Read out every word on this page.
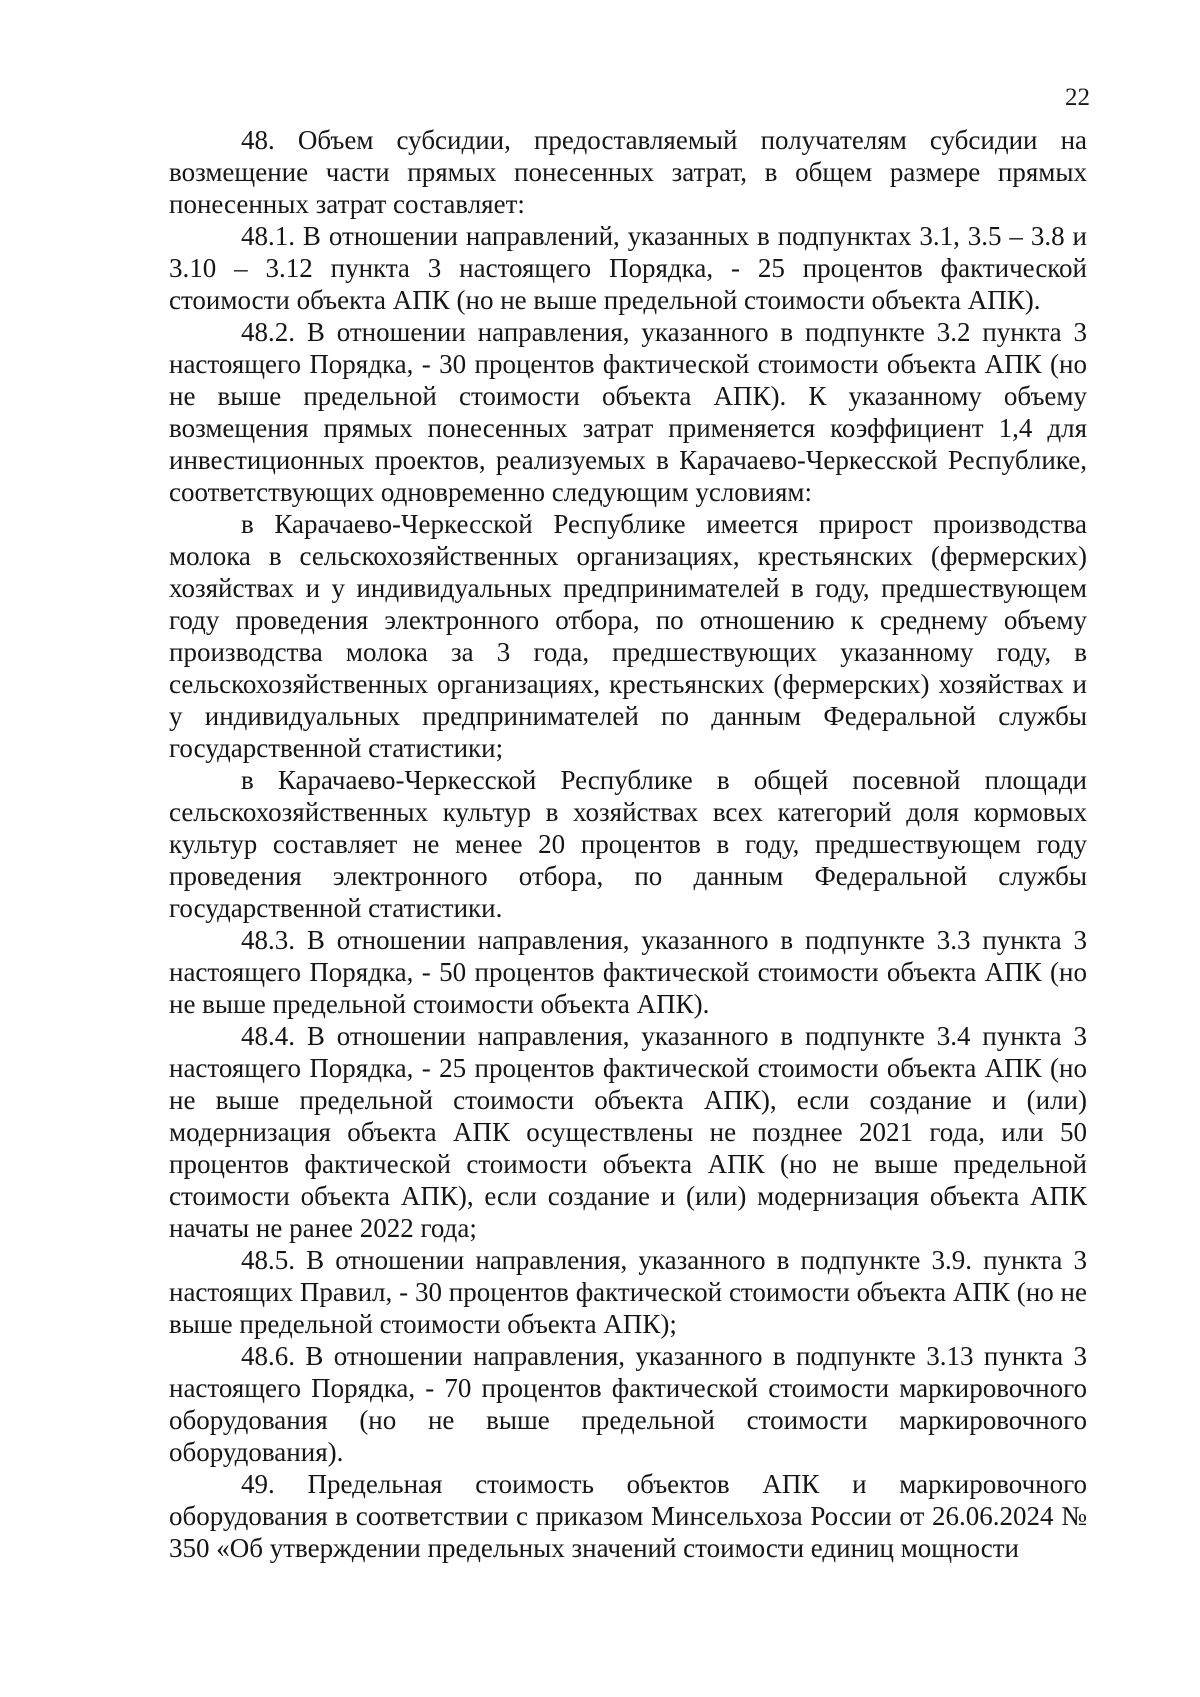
22

48. Объем субсидии, предоставляемый получателям субсидии на возмещение части прямых понесенных затрат, в общем размере прямых понесенных затрат составляет:

48.1. В отношении направлений, указанных в подпунктах 3.1, 3.5 – 3.8 и 3.10 – 3.12 пункта 3 настоящего Порядка, - 25 процентов фактической стоимости объекта АПК (но не выше предельной стоимости объекта АПК).

48.2. В отношении направления, указанного в подпункте 3.2 пункта 3 настоящего Порядка, - 30 процентов фактической стоимости объекта АПК (но не выше предельной стоимости объекта АПК). К указанному объему возмещения прямых понесенных затрат применяется коэффициент 1,4 для инвестиционных проектов, реализуемых в Карачаево-Черкесской Республике, соответствующих одновременно следующим условиям:

в Карачаево-Черкесской Республике имеется прирост производства молока в сельскохозяйственных организациях, крестьянских (фермерских) хозяйствах и у индивидуальных предпринимателей в году, предшествующем году проведения электронного отбора, по отношению к среднему объему производства молока за 3 года, предшествующих указанному году, в сельскохозяйственных организациях, крестьянских (фермерских) хозяйствах и у индивидуальных предпринимателей по данным Федеральной службы государственной статистики;

в Карачаево-Черкесской Республике в общей посевной площади сельскохозяйственных культур в хозяйствах всех категорий доля кормовых культур составляет не менее 20 процентов в году, предшествующем году проведения электронного отбора, по данным Федеральной службы государственной статистики.

48.3. В отношении направления, указанного в подпункте 3.3 пункта 3 настоящего Порядка, - 50 процентов фактической стоимости объекта АПК (но не выше предельной стоимости объекта АПК).

48.4. В отношении направления, указанного в подпункте 3.4 пункта 3 настоящего Порядка, - 25 процентов фактической стоимости объекта АПК (но не выше предельной стоимости объекта АПК), если создание и (или) модернизация объекта АПК осуществлены не позднее 2021 года, или 50 процентов фактической стоимости объекта АПК (но не выше предельной стоимости объекта АПК), если создание и (или) модернизация объекта АПК начаты не ранее 2022 года;

48.5. В отношении направления, указанного в подпункте 3.9. пункта 3 настоящих Правил, - 30 процентов фактической стоимости объекта АПК (но не выше предельной стоимости объекта АПК);

48.6. В отношении направления, указанного в подпункте 3.13 пункта 3 настоящего Порядка, - 70 процентов фактической стоимости маркировочного оборудования (но не выше предельной стоимости маркировочного оборудования).

49. Предельная стоимость объектов АПК и маркировочного оборудования в соответствии с приказом Минсельхоза России от 26.06.2024 № 350 «Об утверждении предельных значений стоимости единиц мощности
